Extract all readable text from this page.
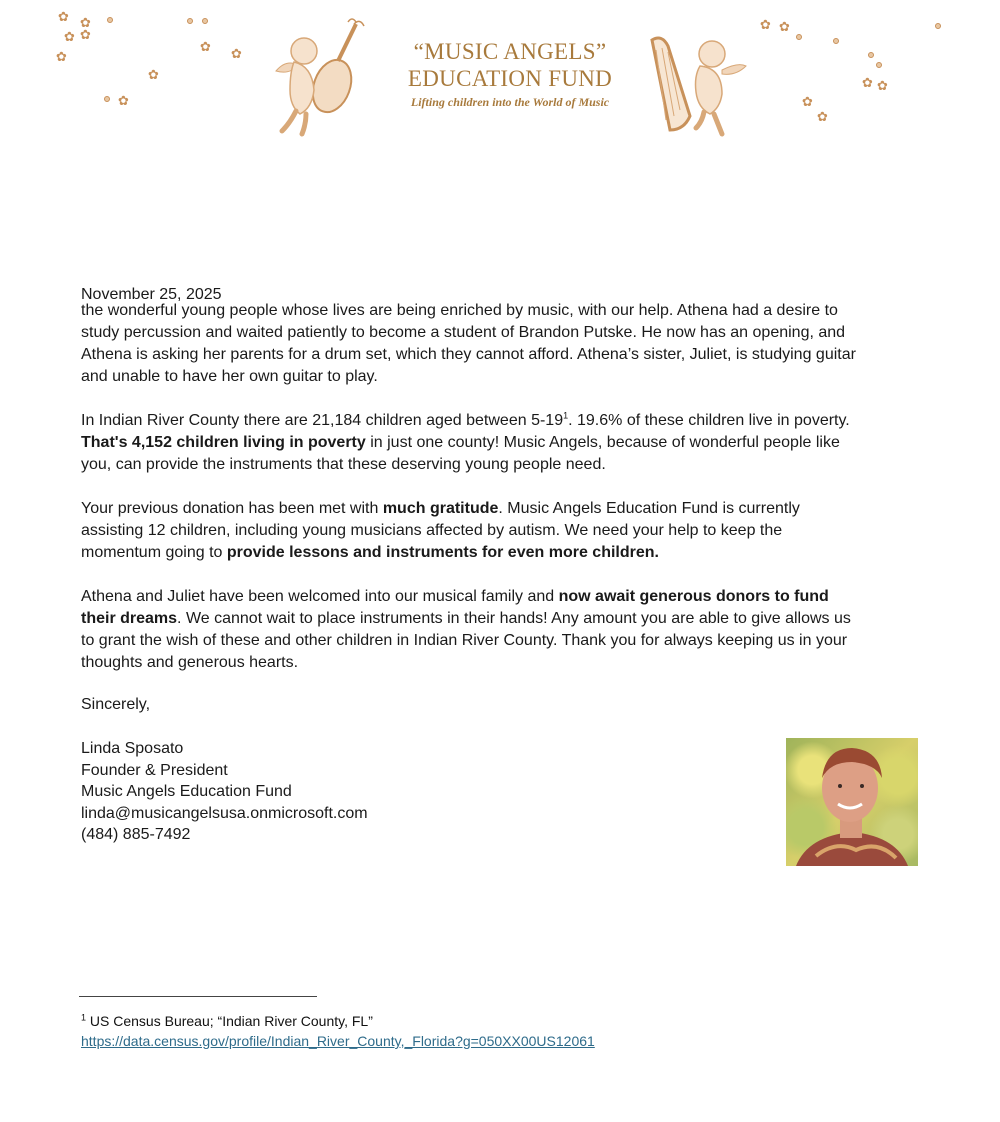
✿ ✿
✿ ✿
✿
✿ ✿
✿
✿
“MUSIC ANGELS”
EDUCATION FUND
Lifting children into the World of Music
✿ ✿
✿ ✿
✿
✿
November 25, 2025

the wonderful young people whose lives are being enriched by music, with our help. Athena had a desire to study percussion and waited patiently to become a student of Brandon Putske. He now has an opening, and Athena is asking her parents for a drum set, which they cannot afford. Athena’s sister, Juliet, is studying guitar and unable to have her own guitar to play.

In Indian River County there are 21,184 children aged between $5-19^1$. 19.6% of these children live in poverty. That's 4,152 children living in poverty in just one county! Music Angels, because of wonderful people like you, can provide the instruments that these deserving young people need.

Your previous donation has been met with much gratitude. Music Angels Education Fund is currently assisting 12 children, including young musicians affected by autism. We need your help to keep the momentum going to provide lessons and instruments for even more children.

Athena and Juliet have been welcomed into our musical family and now await generous donors to fund their dreams. We cannot wait to place instruments in their hands! Any amount you are able to give allows us to grant the wish of these and other children in Indian River County. Thank you for always keeping us in your thoughts and generous hearts.

Sincerely,
Linda Sposato
Founder & President
Music Angels Education Fund
linda@musicangelsusa.onmicrosoft.com
(484) 885-7492
$^1$ US Census Bureau; “Indian River County, FL”
https://data.census.gov/profile/Indian_River_County,_Florida?g=050XX00US12061
